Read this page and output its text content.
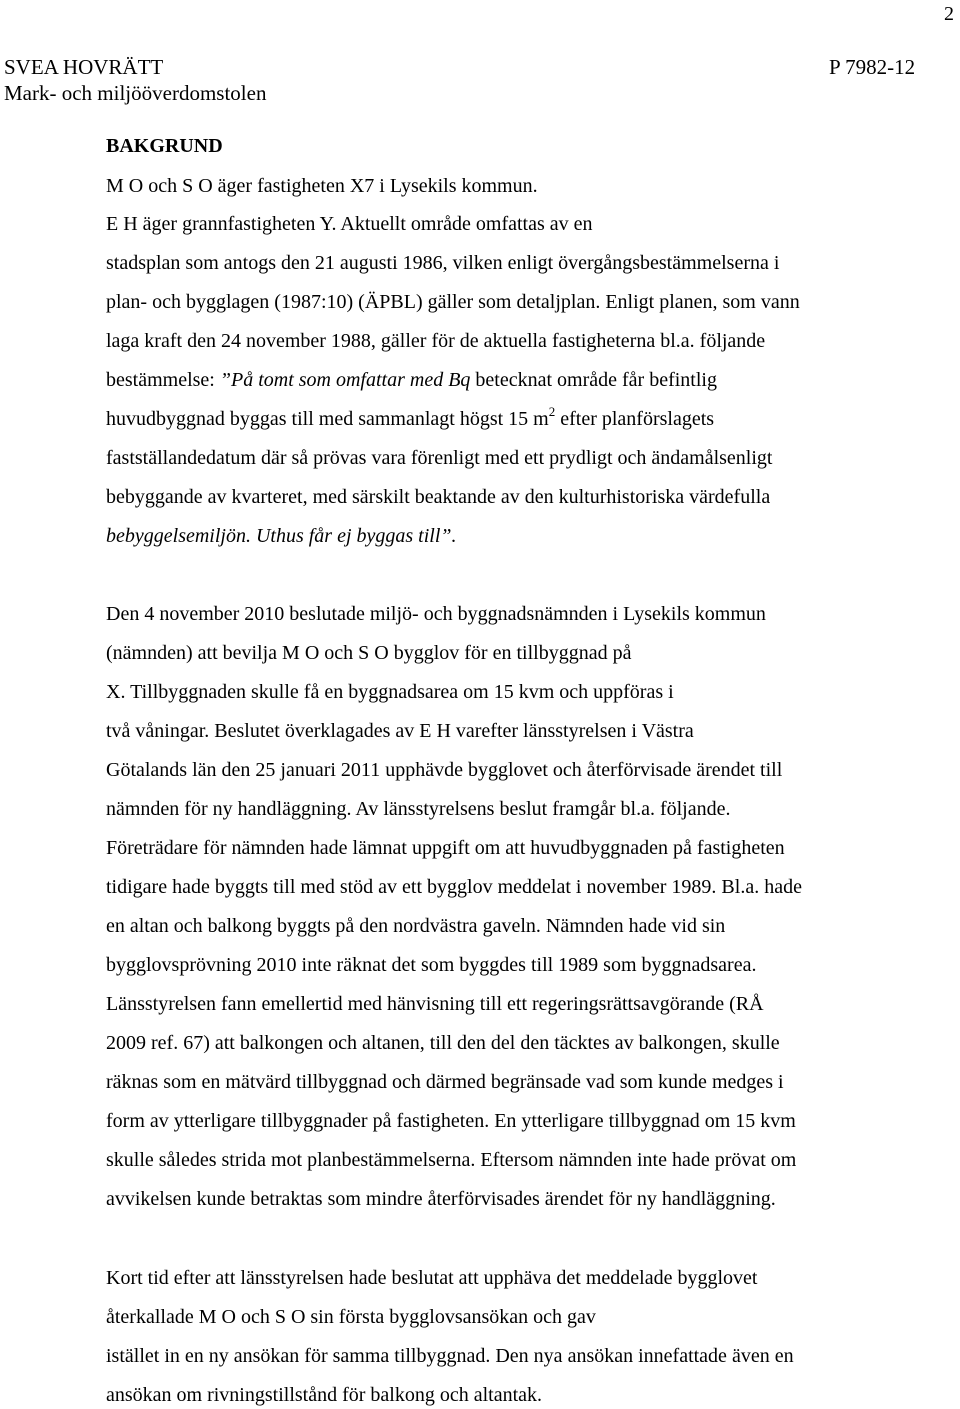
2
SVEA HOVRÄTT	P 7982-12
Mark- och miljööverdomstolen
BAKGRUND
M O och S O äger fastigheten X7 i Lysekils kommun.
E H äger grannfastigheten Y. Aktuellt område omfattas av en
stadsplan som antogs den 21 augusti 1986, vilken enligt övergångsbestämmelserna i
plan- och bygglagen (1987:10) (ÄPBL) gäller som detaljplan. Enligt planen, som vann
laga kraft den 24 november 1988, gäller för de aktuella fastigheterna bl.a. följande
bestämmelse: ”På tomt som omfattar med Bq betecknat område får befintlig
huvudbyggnad byggas till med sammanlagt högst 15 $m^2$ efter planförslagets
fastställandedatum där så prövas vara förenligt med ett prydligt och ändamålsenligt
bebyggande av kvarteret, med särskilt beaktande av den kulturhistoriska värdefulla
bebyggelsemiljön. Uthus får ej byggas till”.
Den 4 november 2010 beslutade miljö- och byggnadsnämnden i Lysekils kommun
(nämnden) att bevilja M O och S O bygglov för en tillbyggnad på
X. Tillbyggnaden skulle få en byggnadsarea om 15 kvm och uppföras i
två våningar. Beslutet överklagades av E H varefter länsstyrelsen i Västra
Götalands län den 25 januari 2011 upphävde bygglovet och återförvisade ärendet till
nämnden för ny handläggning. Av länsstyrelsens beslut framgår bl.a. följande.
Företrädare för nämnden hade lämnat uppgift om att huvudbyggnaden på fastigheten
tidigare hade byggts till med stöd av ett bygglov meddelat i november 1989. Bl.a. hade
en altan och balkong byggts på den nordvästra gaveln. Nämnden hade vid sin
bygglovsprövning 2010 inte räknat det som byggdes till 1989 som byggnadsarea.
Länsstyrelsen fann emellertid med hänvisning till ett regeringsrättsavgörande (RÅ
2009 ref. 67) att balkongen och altanen, till den del den täcktes av balkongen, skulle
räknas som en mätvärd tillbyggnad och därmed begränsade vad som kunde medges i
form av ytterligare tillbyggnader på fastigheten. En ytterligare tillbyggnad om 15 kvm
skulle således strida mot planbestämmelserna. Eftersom nämnden inte hade prövat om
avvikelsen kunde betraktas som mindre återförvisades ärendet för ny handläggning.
Kort tid efter att länsstyrelsen hade beslutat att upphäva det meddelade bygglovet
återkallade M O och S O sin första bygglovsansökan och gav
istället in en ny ansökan för samma tillbyggnad. Den nya ansökan innefattade även en
ansökan om rivningstillstånd för balkong och altantak.
